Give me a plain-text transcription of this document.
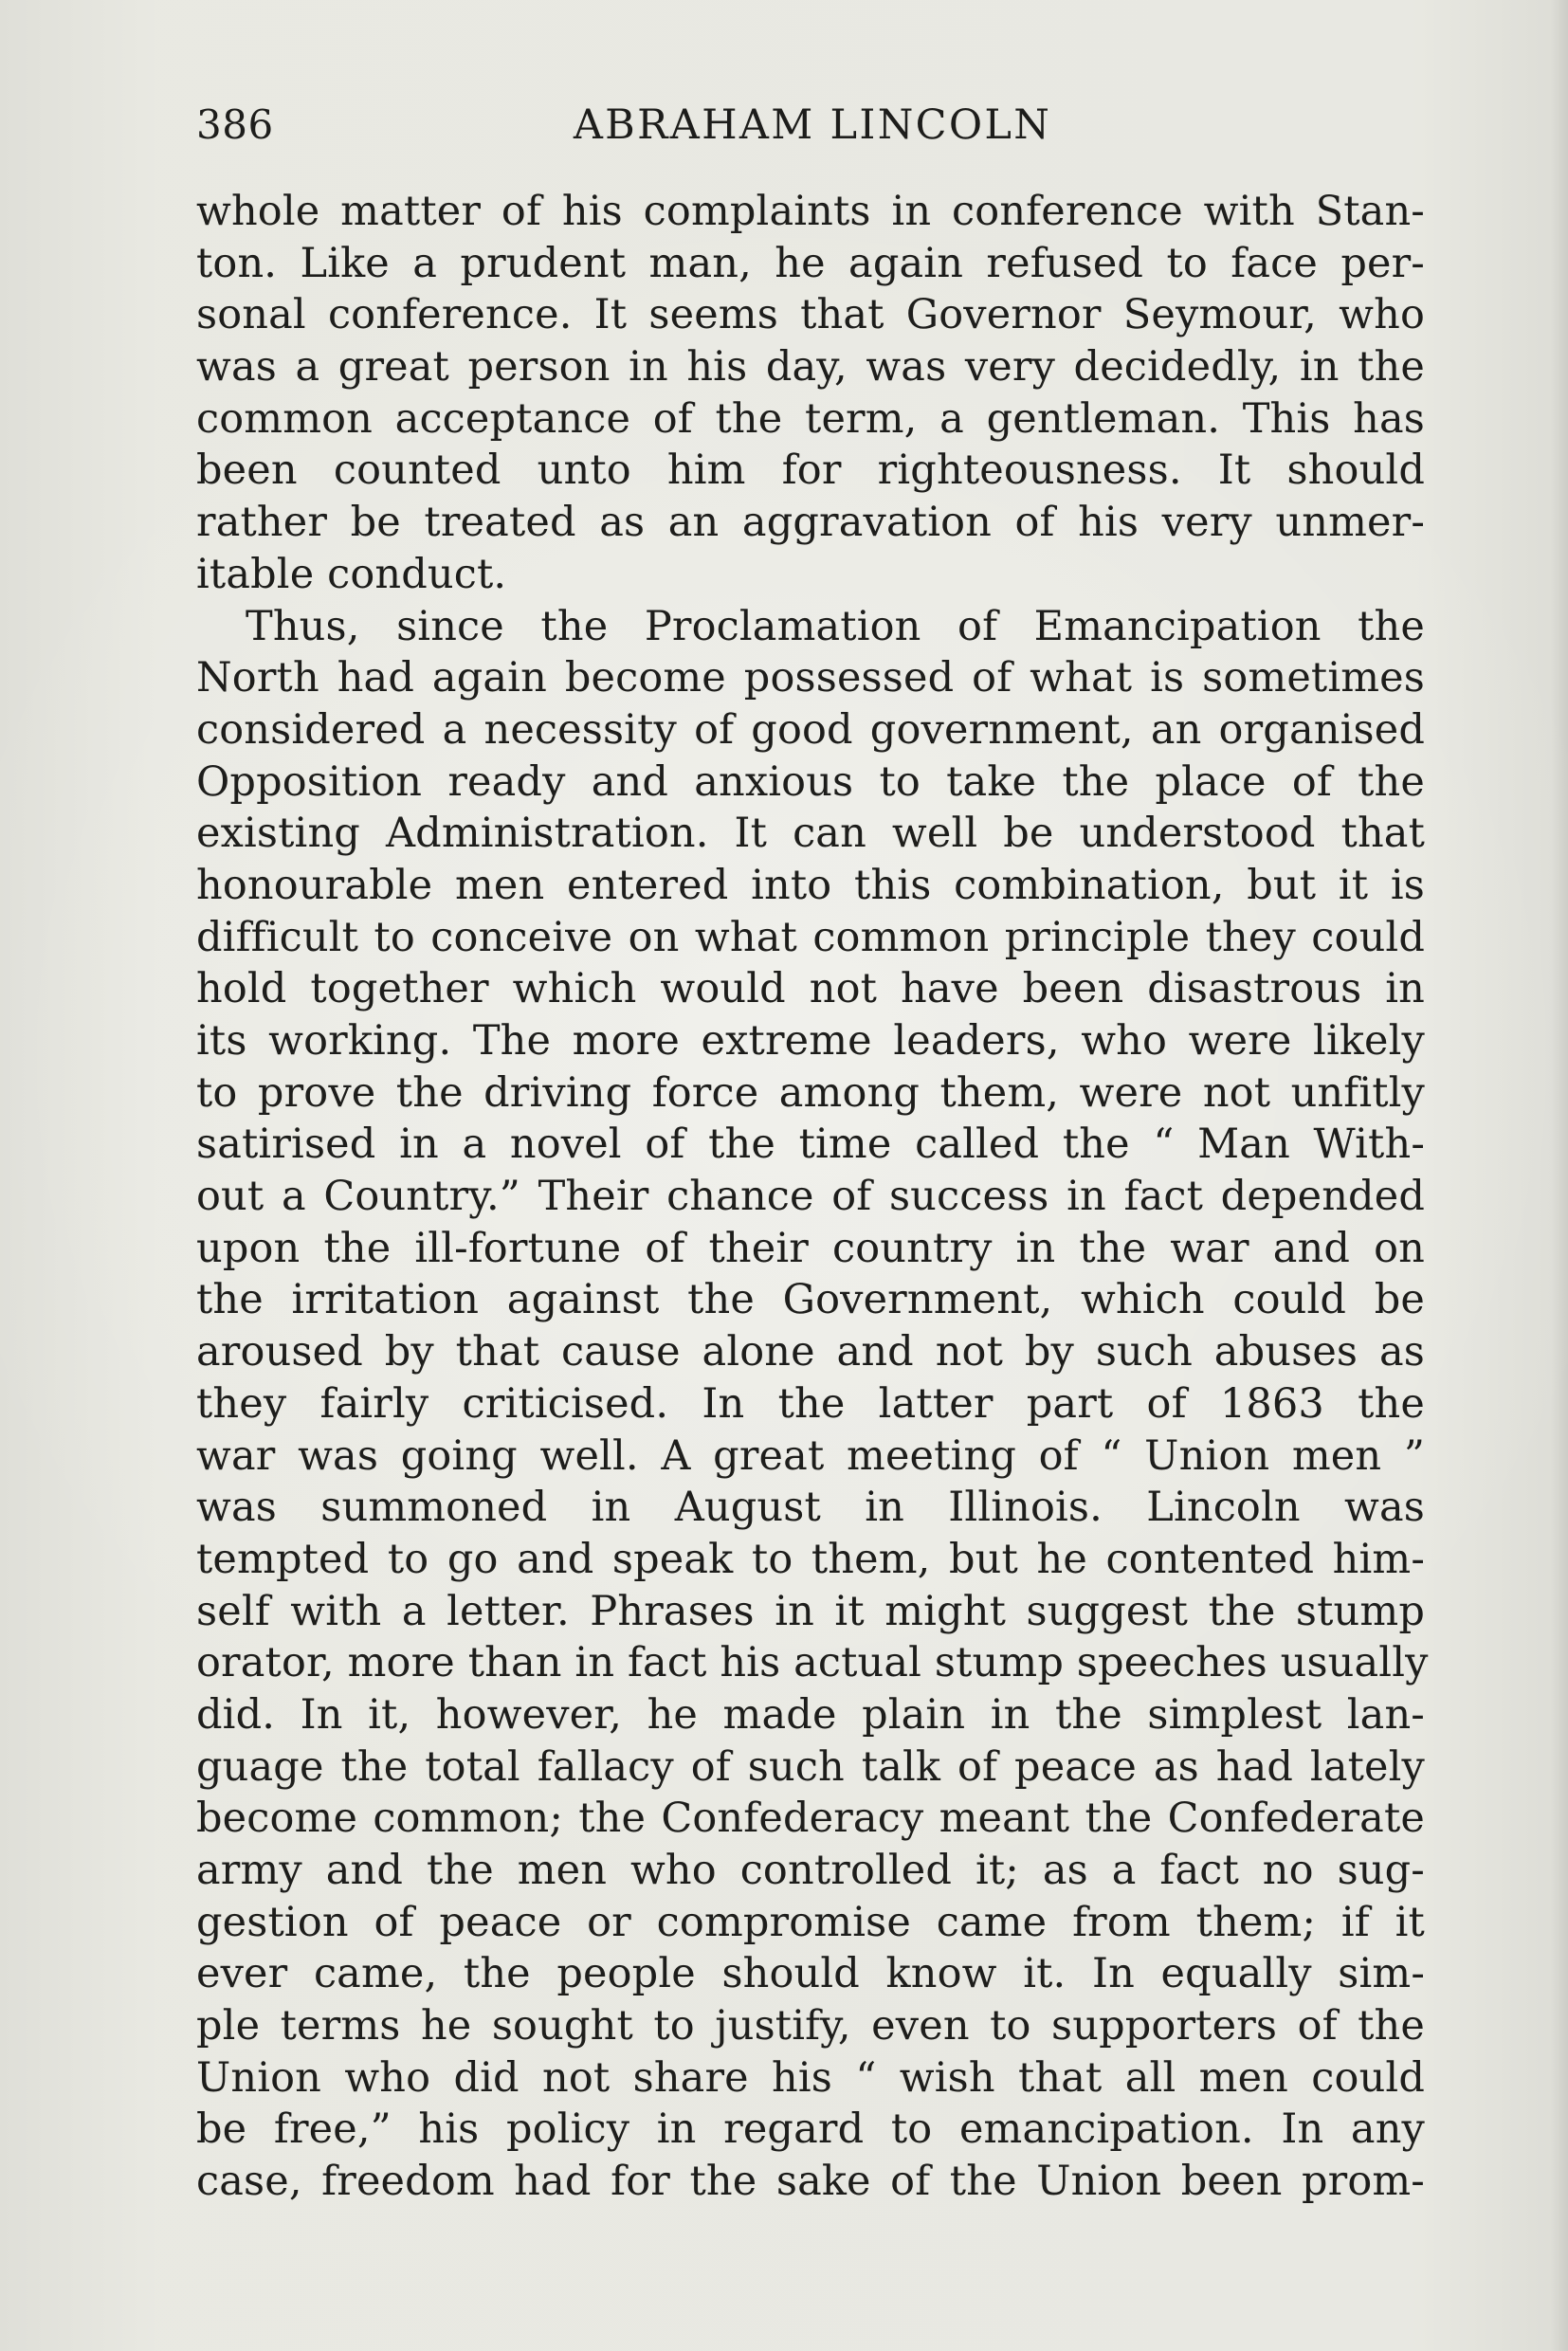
386	ABRAHAM LINCOLN
whole matter of his complaints in conference with Stan-
ton. Like a prudent man, he again refused to face per-
sonal conference. It seems that Governor Seymour, who
was a great person in his day, was very decidedly, in the
common acceptance of the term, a gentleman. This has
been counted unto him for righteousness. It should
rather be treated as an aggravation of his very unmer-
itable conduct.
Thus, since the Proclamation of Emancipation the
North had again become possessed of what is sometimes
considered a necessity of good government, an organised
Opposition ready and anxious to take the place of the
existing Administration. It can well be understood that
honourable men entered into this combination, but it is
difficult to conceive on what common principle they could
hold together which would not have been disastrous in
its working. The more extreme leaders, who were likely
to prove the driving force among them, were not unfitly
satirised in a novel of the time called the “ Man With-
out a Country.” Their chance of success in fact depended
upon the ill-fortune of their country in the war and on
the irritation against the Government, which could be
aroused by that cause alone and not by such abuses as
they fairly criticised. In the latter part of 1863 the
war was going well. A great meeting of “ Union men ”
was summoned in August in Illinois. Lincoln was
tempted to go and speak to them, but he contented him-
self with a letter. Phrases in it might suggest the stump
orator, more than in fact his actual stump speeches usually
did. In it, however, he made plain in the simplest lan-
guage the total fallacy of such talk of peace as had lately
become common; the Confederacy meant the Confederate
army and the men who controlled it; as a fact no sug-
gestion of peace or compromise came from them; if it
ever came, the people should know it. In equally sim-
ple terms he sought to justify, even to supporters of the
Union who did not share his “ wish that all men could
be free,” his policy in regard to emancipation. In any
case, freedom had for the sake of the Union been prom-
